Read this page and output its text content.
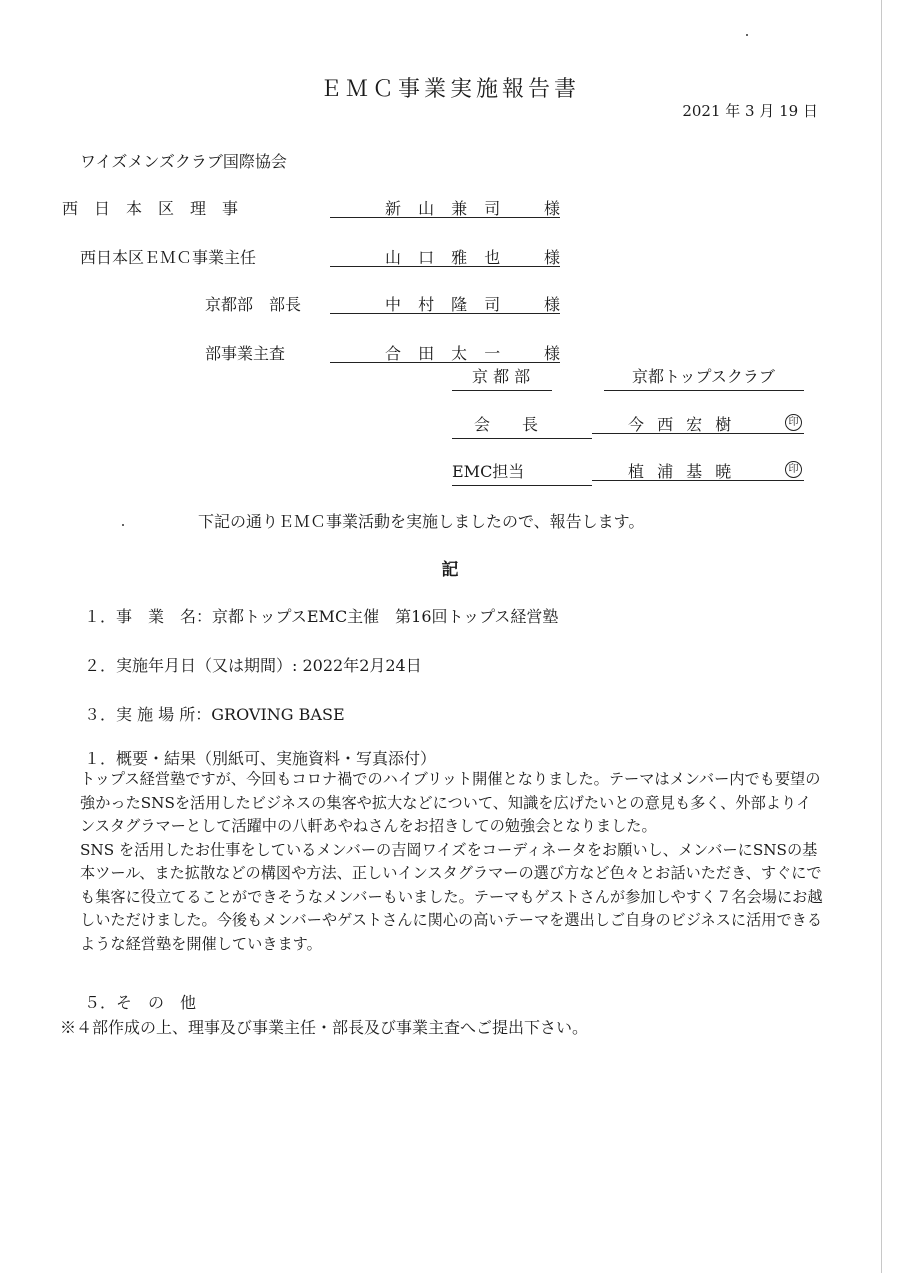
ＥＭＣ事業実施報告書
2021 年 3 月 19 日
ワイズメンズクラブ国際協会
西　日　本　区　理　事	新 山 兼 司 様
西日本区ＥＭＣ事業主任	山 口 雅 也 様
京都部　部長	中 村 隆 司 様
部事業主査	合 田 太 一 様
京 都 部	京都トップスクラブ
会　　長	今 西 宏 樹	印
EMC担当	植 浦 基 暁	印
下記の通りＥＭＣ事業活動を実施しましたので、報告します。
記
１．事　業　名：京都トップスEMC主催　第16回トップス経営塾
２．実施年月日（又は期間）: 2022年2月24日
３．実 施 場 所：GROVING BASE
１．概要・結果（別紙可、実施資料・写真添付）

トップス経営塾ですが、今回もコロナ禍でのハイブリット開催となりました。テーマはメンバー内でも要望の強かったSNSを活用したビジネスの集客や拡大などについて、知識を広げたいとの意見も多く、外部よりインスタグラマーとして活躍中の八軒あやねさんをお招きしての勉強会となりました。

SNS を活用したお仕事をしているメンバーの吉岡ワイズをコーディネータをお願いし、メンバーにSNSの基本ツール、また拡散などの構図や方法、正しいインスタグラマーの選び方など色々とお話いただき、すぐにでも集客に役立てることができそうなメンバーもいました。テーマもゲストさんが参加しやすく７名会場にお越しいただけました。今後もメンバーやゲストさんに関心の高いテーマを選出しご自身のビジネスに活用できるような経営塾を開催していきます。

５．そ　の　他
※４部作成の上、理事及び事業主任・部長及び事業主査へご提出下さい。
